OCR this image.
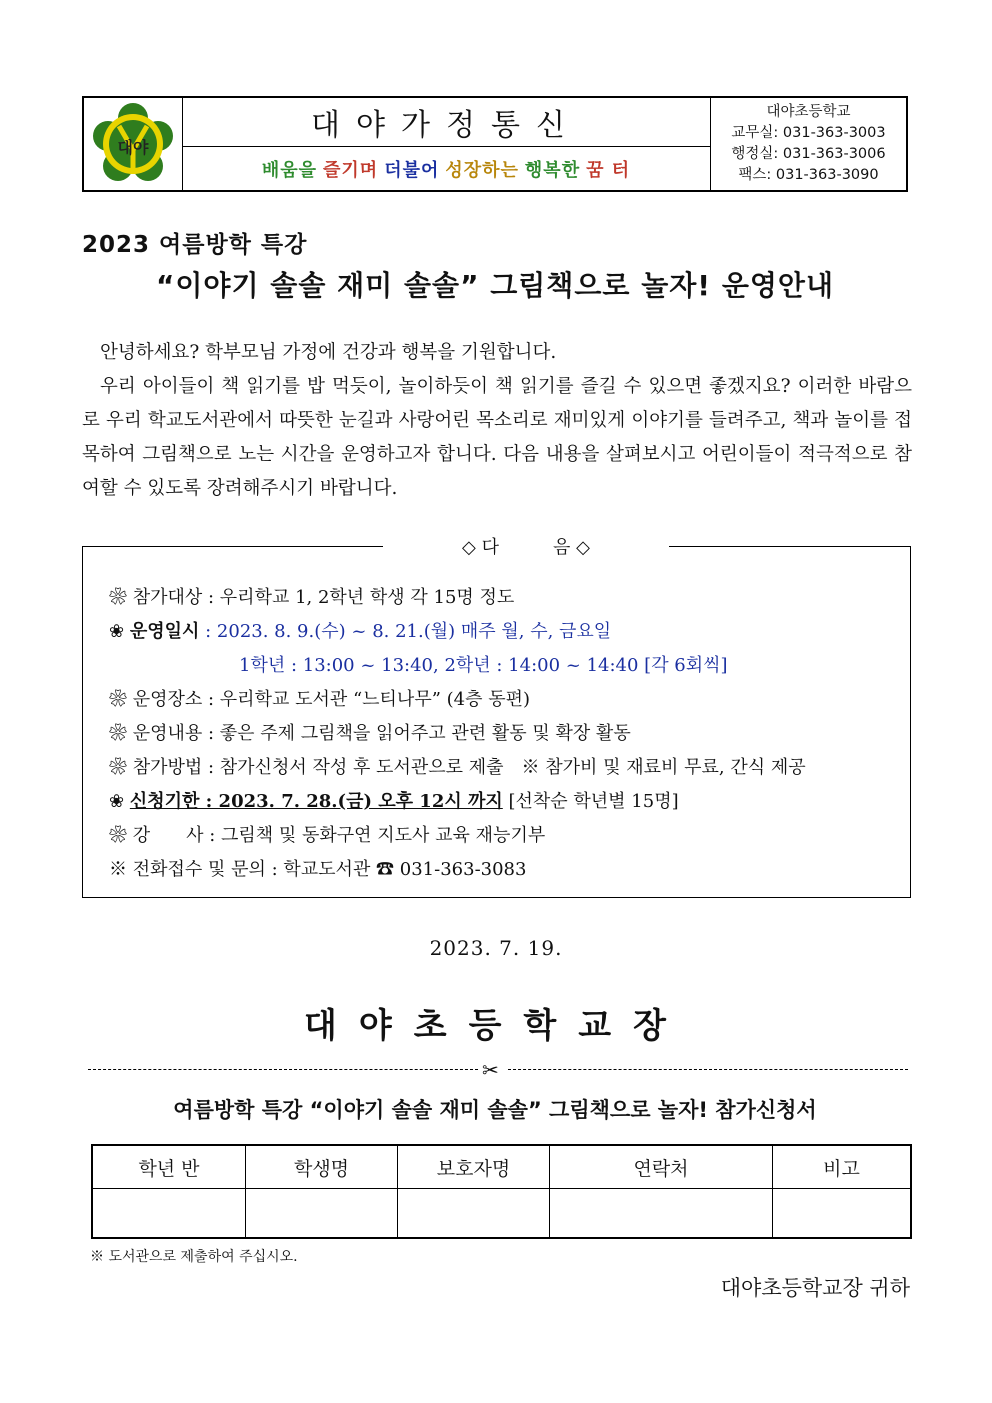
대야
대야가정통신
배움을 즐기며 더불어 성장하는 행복한 꿈 터
대야초등학교
교무실: 031-363-3003
행정실: 031-363-3006
팩스: 031-363-3090
2023 여름방학 특강
“이야기 솔솔 재미 솔솔” 그림책으로 놀자! 운영안내

안녕하세요? 학부모님 가정에 건강과 행복을 기원합니다.

우리 아이들이 책 읽기를 밥 먹듯이, 놀이하듯이 책 읽기를 즐길 수 있으면 좋겠지요? 이러한 바람으로 우리 학교도서관에서 따뜻한 눈길과 사랑어린 목소리로 재미있게 이야기를 들려주고, 책과 놀이를 접목하여 그림책으로 노는 시간을 운영하고자 합니다. 다음 내용을 살펴보시고 어린이들이 적극적으로 참여할 수 있도록 장려해주시기 바랍니다.

◇ 다　　　음 ◇
❀ 참가대상 : 우리학교 1, 2학년 학생 각 15명 정도
❀ 운영일시 : 2023. 8. 9.(수) ~ 8. 21.(월) 매주 월, 수, 금요일
1학년 : 13:00 ~ 13:40, 2학년 : 14:00 ~ 14:40 [각 6회씩]
❀ 운영장소 : 우리학교 도서관 “느티나무” (4층 동편)
❀ 운영내용 : 좋은 주제 그림책을 읽어주고 관련 활동 및 확장 활동
❀ 참가방법 : 참가신청서 작성 후 도서관으로 제출　※ 참가비 및 재료비 무료, 간식 제공
❀ 신청기한 : 2023. 7. 28.(금) 오후 12시 까지 [선착순 학년별 15명]
❀ 강　　사 : 그림책 및 동화구연 지도사 교육 재능기부
※ 전화접수 및 문의 : 학교도서관 ☎ 031-363-3083
2023. 7. 19.
대야초등학교장
✂
여름방학 특강 “이야기 솔솔 재미 솔솔” 그림책으로 놀자! 참가신청서
학년 반	학생명	보호자명	연락처	비고

※ 도서관으로 제출하여 주십시오.
대야초등학교장 귀하
